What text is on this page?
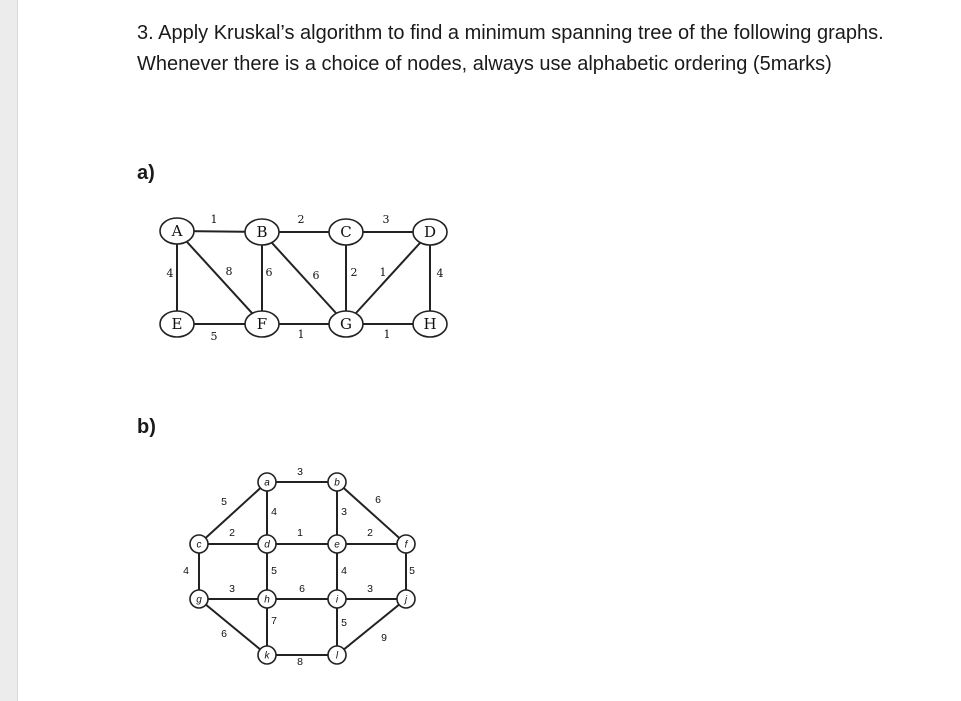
3. Apply Kruskal’s algorithm to find a minimum spanning tree of the following graphs. Whenever there is a choice of nodes, always use alphabetic ordering (5marks)

a)
b)
1	2	3
4	8	6	6	2 1	4
5	1	1
A	B	C	D
E	F	G	H
3
5
4	3
6
2	1	2
4	5	4	5
3	6	3
6
7	5
9
8
a	b
c	d	e	f
g	h	i	j
k	l
